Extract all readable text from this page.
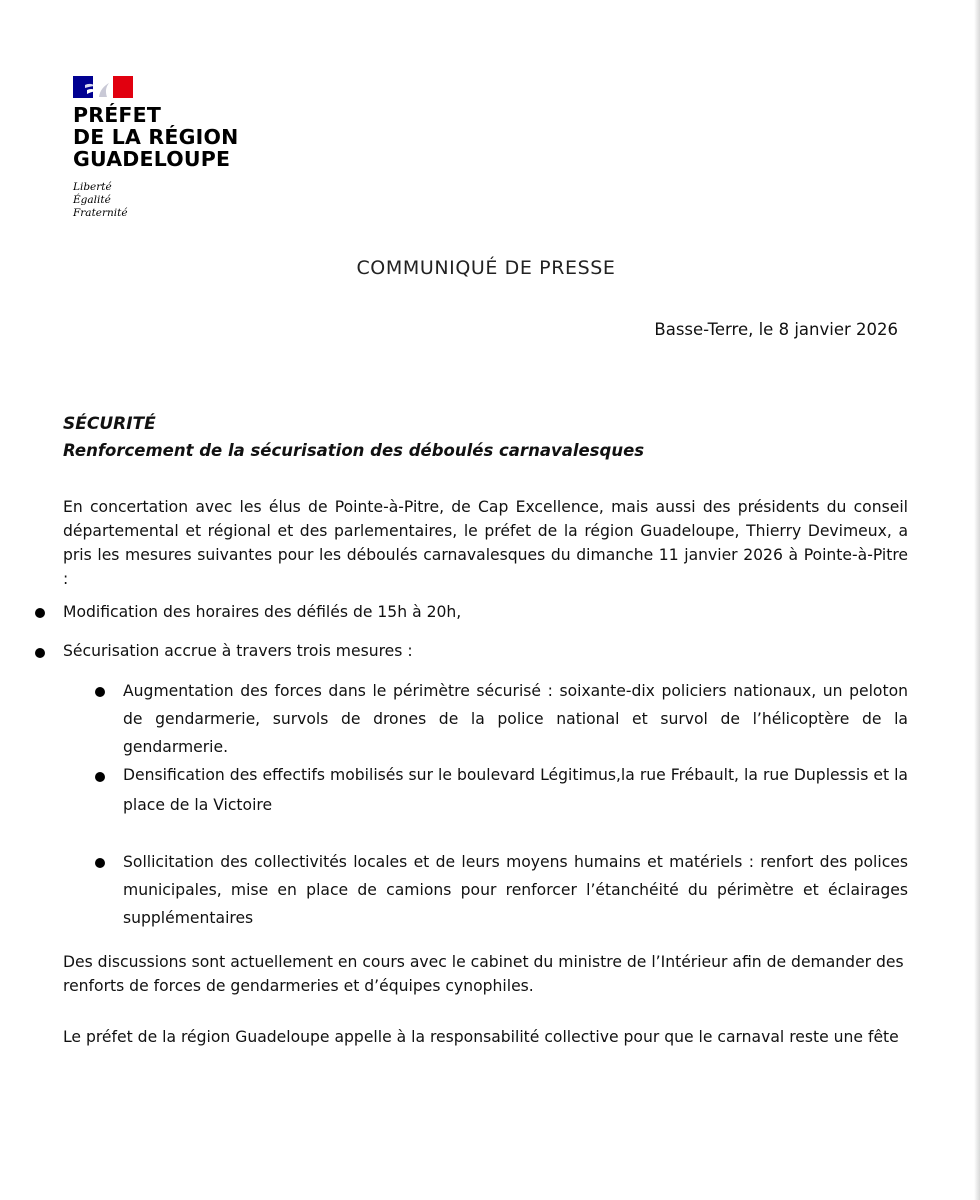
PRÉFET
DE LA RÉGION
GUADELOUPE
Liberté
Égalité
Fraternité
COMMUNIQUÉ DE PRESSE
Basse-Terre, le 8 janvier 2026
SÉCURITÉ
Renforcement de la sécurisation des déboulés carnavalesques
En concertation avec les élus de Pointe-à-Pitre, de Cap Excellence, mais aussi des présidents du conseil départemental et régional et des parlementaires, le préfet de la région Guadeloupe, Thierry Devimeux, a pris les mesures suivantes pour les déboulés carnavalesques du dimanche 11 janvier 2026 à Pointe-à-Pitre :
Modification des horaires des défilés de 15h à 20h,
Sécurisation accrue à travers trois mesures :
Augmentation des forces dans le périmètre sécurisé : soixante-dix policiers nationaux, un peloton de gendarmerie, survols de drones de la police national et survol de l’hélicoptère de la gendarmerie.
Densification des effectifs mobilisés sur le boulevard Légitimus,la rue Frébault, la rue Duplessis et la place de la Victoire
Sollicitation des collectivités locales et de leurs moyens humains et matériels : renfort des polices municipales, mise en place de camions pour renforcer l’étanchéité du périmètre et éclairages supplémentaires
Des discussions sont actuellement en cours avec le cabinet du ministre de l’Intérieur afin de demander des renforts de forces de gendarmeries et d’équipes cynophiles.
Le préfet de la région Guadeloupe appelle à la responsabilité collective pour que le carnaval reste une fête
